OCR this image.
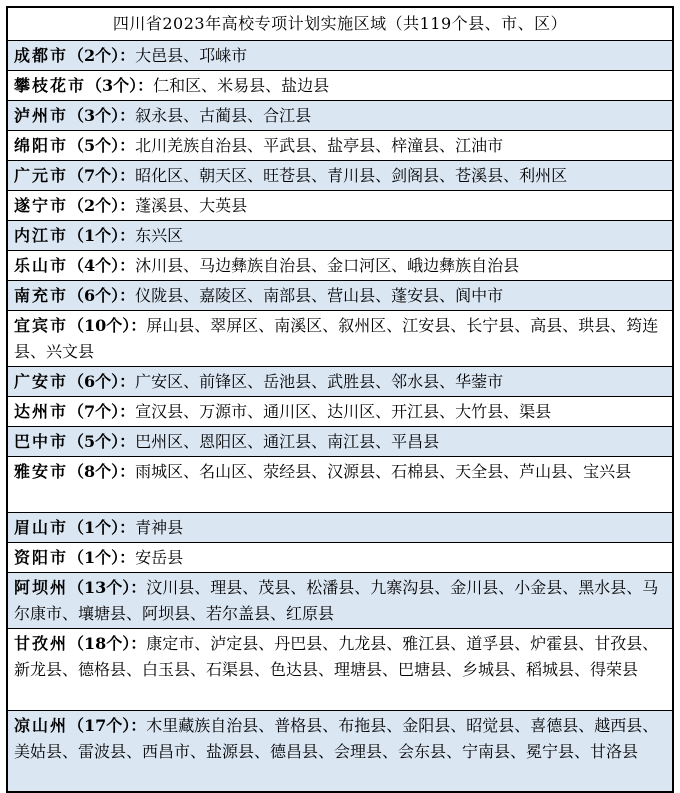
四川省2023年高校专项计划实施区域（共119个县、市、区）
成都市（2个）：大邑县、邛崃市
攀枝花市（3个）：仁和区、米易县、盐边县
泸州市（3个）：叙永县、古蔺县、合江县
绵阳市（5个）：北川羌族自治县、平武县、盐亭县、梓潼县、江油市
广元市（7个）：昭化区、朝天区、旺苍县、青川县、剑阁县、苍溪县、利州区
遂宁市（2个）：蓬溪县、大英县
内江市（1个）：东兴区
乐山市（4个）：沐川县、马边彝族自治县、金口河区、峨边彝族自治县
南充市（6个）：仪陇县、嘉陵区、南部县、营山县、蓬安县、阆中市
宜宾市（10个）：屏山县、翠屏区、南溪区、叙州区、江安县、长宁县、高县、珙县、筠连县、兴文县
广安市（6个）：广安区、前锋区、岳池县、武胜县、邻水县、华蓥市
达州市（7个）：宣汉县、万源市、通川区、达川区、开江县、大竹县、渠县
巴中市（5个）：巴州区、恩阳区、通江县、南江县、平昌县
雅安市（8个）：雨城区、名山区、荥经县、汉源县、石棉县、天全县、芦山县、宝兴县
眉山市（1个）：青神县
资阳市（1个）：安岳县
阿坝州（13个）：汶川县、理县、茂县、松潘县、九寨沟县、金川县、小金县、黑水县、马尔康市、壤塘县、阿坝县、若尔盖县、红原县
甘孜州（18个）：康定市、泸定县、丹巴县、九龙县、雅江县、道孚县、炉霍县、甘孜县、新龙县、德格县、白玉县、石渠县、色达县、理塘县、巴塘县、乡城县、稻城县、得荣县
凉山州（17个）：木里藏族自治县、普格县、布拖县、金阳县、昭觉县、喜德县、越西县、美姑县、雷波县、西昌市、盐源县、德昌县、会理县、会东县、宁南县、冕宁县、甘洛县
